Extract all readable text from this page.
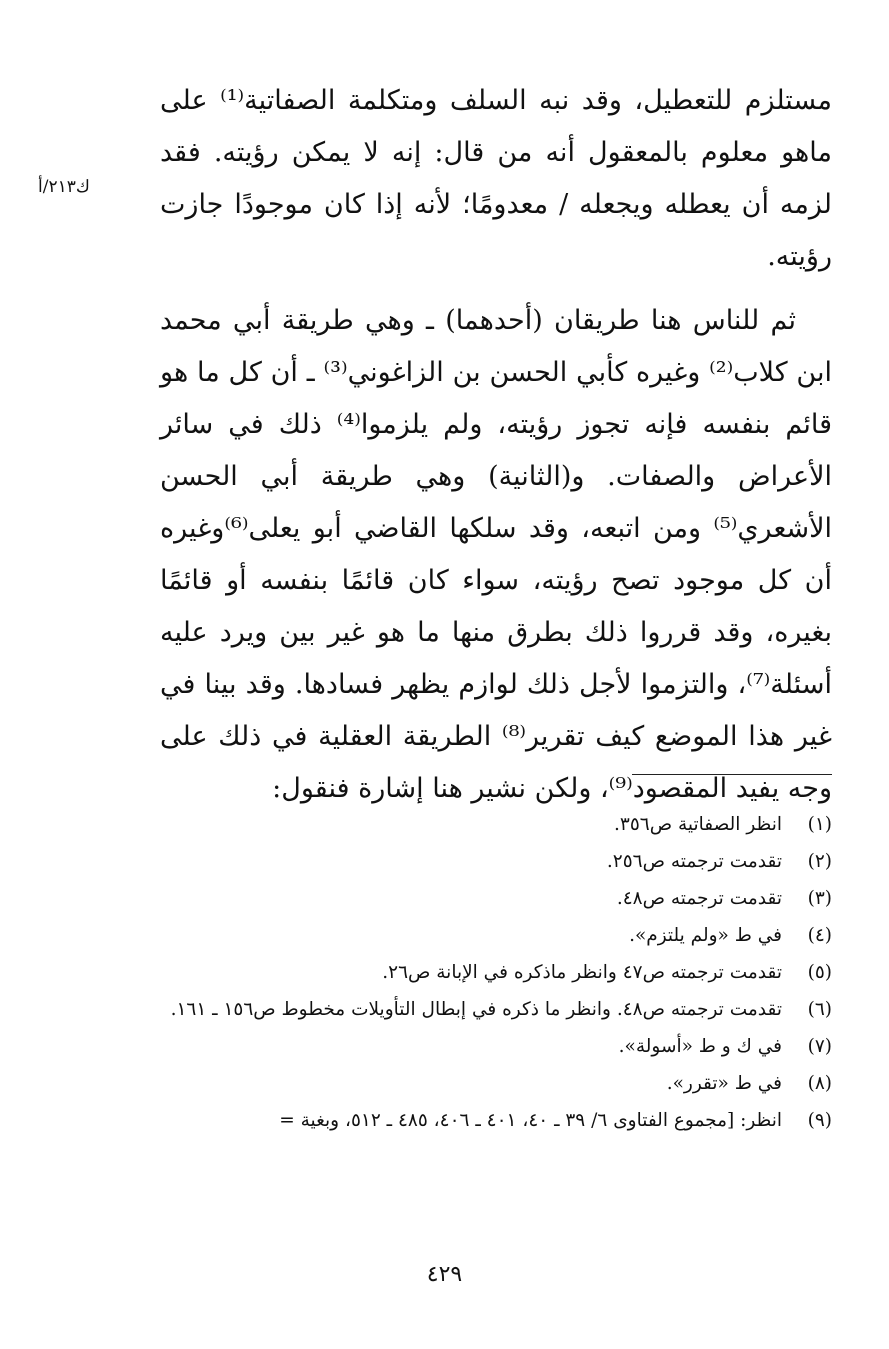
ك٢١٣/أ

مستلزم للتعطيل، وقد نبه السلف ومتكلمة الصفاتية⁽¹⁾ على ماهو معلوم بالمعقول أنه من قال: إنه لا يمكن رؤيته. فقد لزمه أن يعطله ويجعله / معدومًا؛ لأنه إذا كان موجودًا جازت رؤيته.

ثم للناس هنا طريقان (أحدهما) ـ وهي طريقة أبي محمد ابن كلاب⁽²⁾ وغيره كأبي الحسن بن الزاغوني⁽³⁾ ـ أن كل ما هو قائم بنفسه فإنه تجوز رؤيته، ولم يلزموا⁽⁴⁾ ذلك في سائر الأعراض والصفات. و(الثانية) وهي طريقة أبي الحسن الأشعري⁽⁵⁾ ومن اتبعه، وقد سلكها القاضي أبو يعلى⁽⁶⁾وغيره أن كل موجود تصح رؤيته، سواء كان قائمًا بنفسه أو قائمًا بغيره، وقد قرروا ذلك بطرق منها ما هو غير بين ويرد عليه أسئلة⁽⁷⁾، والتزموا لأجل ذلك لوازم يظهر فسادها. وقد بينا في غير هذا الموضع كيف تقرير⁽⁸⁾ الطريقة العقلية في ذلك على وجه يفيد المقصود⁽⁹⁾، ولكن نشير هنا إشارة فنقول:

(١)
انظر الصفاتية ص٣٥٦.
(٢)
تقدمت ترجمته ص٢٥٦.
(٣)
تقدمت ترجمته ص٤٨.
(٤)
في ط «ولم يلتزم».
(٥)
تقدمت ترجمته ص٤٧ وانظر ماذكره في الإبانة ص٢٦.
(٦)
تقدمت ترجمته ص٤٨. وانظر ما ذكره في إبطال التأويلات مخطوط ص١٥٦ ـ ١٦١.
(٧)
في ك و ط «أسولة».
(٨)
في ط «تقرر».
(٩)
انظر: [مجموع الفتاوى ٦/ ٣٩ ـ ٤٠، ٤٠١ ـ ٤٠٦، ٤٨٥ ـ ٥١٢، وبغية =
٤٢٩
